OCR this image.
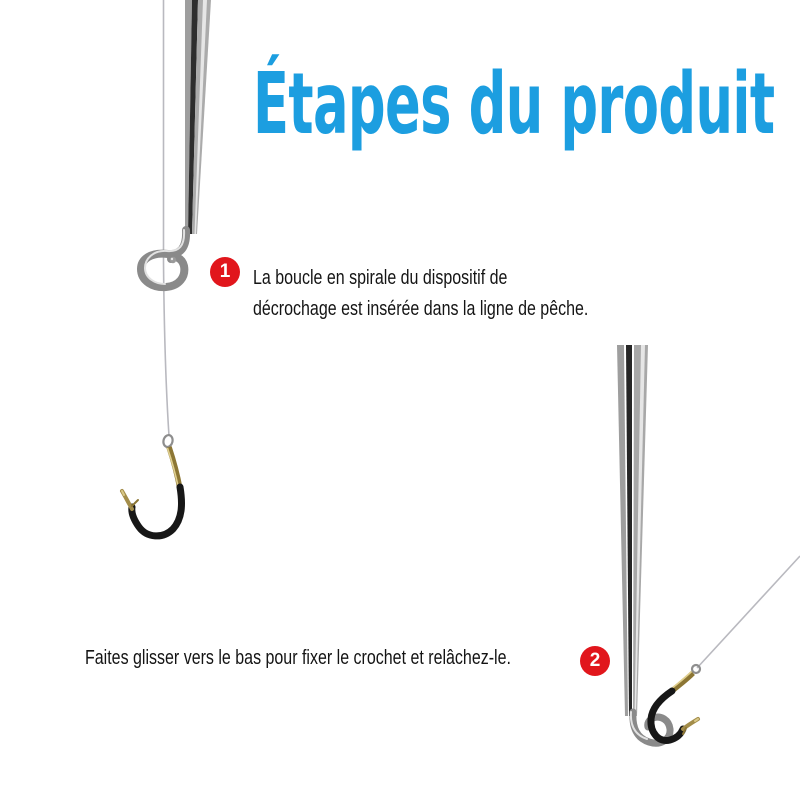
Étapes du produit
1	La boucle en spirale du dispositif de
décrochage est insérée dans la ligne de pêche.
Faites glisser vers le bas pour fixer le crochet et relâchez-le.	2
